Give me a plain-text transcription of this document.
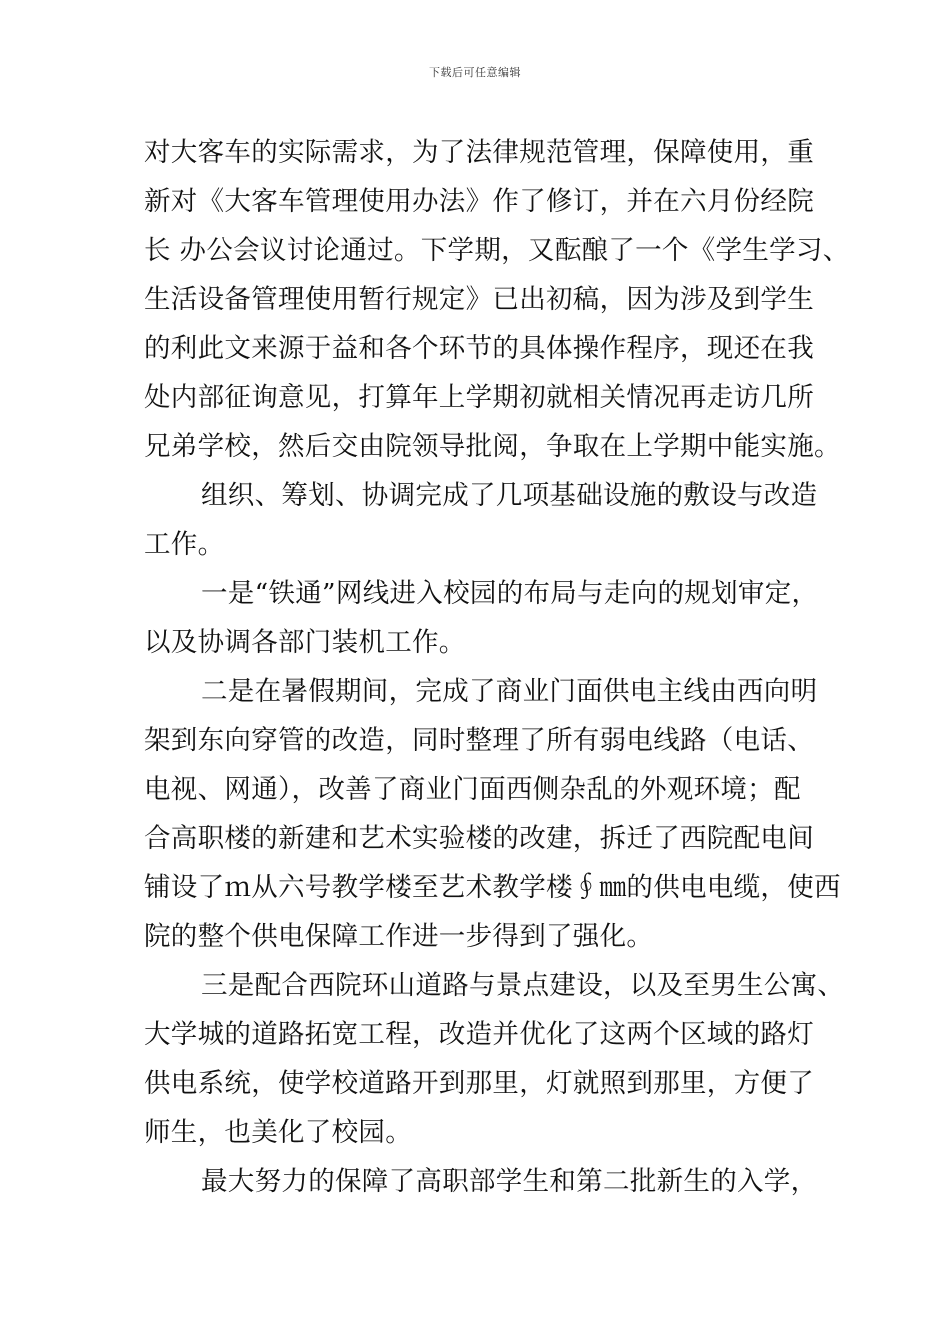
下载后可任意编辑
对大客车的实际需求，为了法律规范管理，保障使用，重
新对《大客车管理使用办法》作了修订，并在六月份经院
长 办公会议讨论通过。下学期，又酝酿了一个《学生学习、
生活设备管理使用暂行规定》已出初稿，因为涉及到学生
的利此文来源于益和各个环节的具体操作程序，现还在我
处内部征询意见，打算年上学期初就相关情况再走访几所
兄弟学校，然后交由院领导批阅，争取在上学期中能实施。
组织、筹划、协调完成了几项基础设施的敷设与改造
工作。
一是“铁通”网线进入校园的布局与走向的规划审定，
以及协调各部门装机工作。
二是在暑假期间，完成了商业门面供电主线由西向明
架到东向穿管的改造，同时整理了所有弱电线路（电话、
电视、网通），改善了商业门面西侧杂乱的外观环境；配
合高职楼的新建和艺术实验楼的改建，拆迁了西院配电间
铺设了ｍ从六号教学楼至艺术教学楼∮㎜的供电电缆，使西
院的整个供电保障工作进一步得到了强化。
三是配合西院环山道路与景点建设，以及至男生公寓、
大学城的道路拓宽工程，改造并优化了这两个区域的路灯
供电系统，使学校道路开到那里，灯就照到那里，方便了
师生，也美化了校园。
最大努力的保障了高职部学生和第二批新生的入学，
